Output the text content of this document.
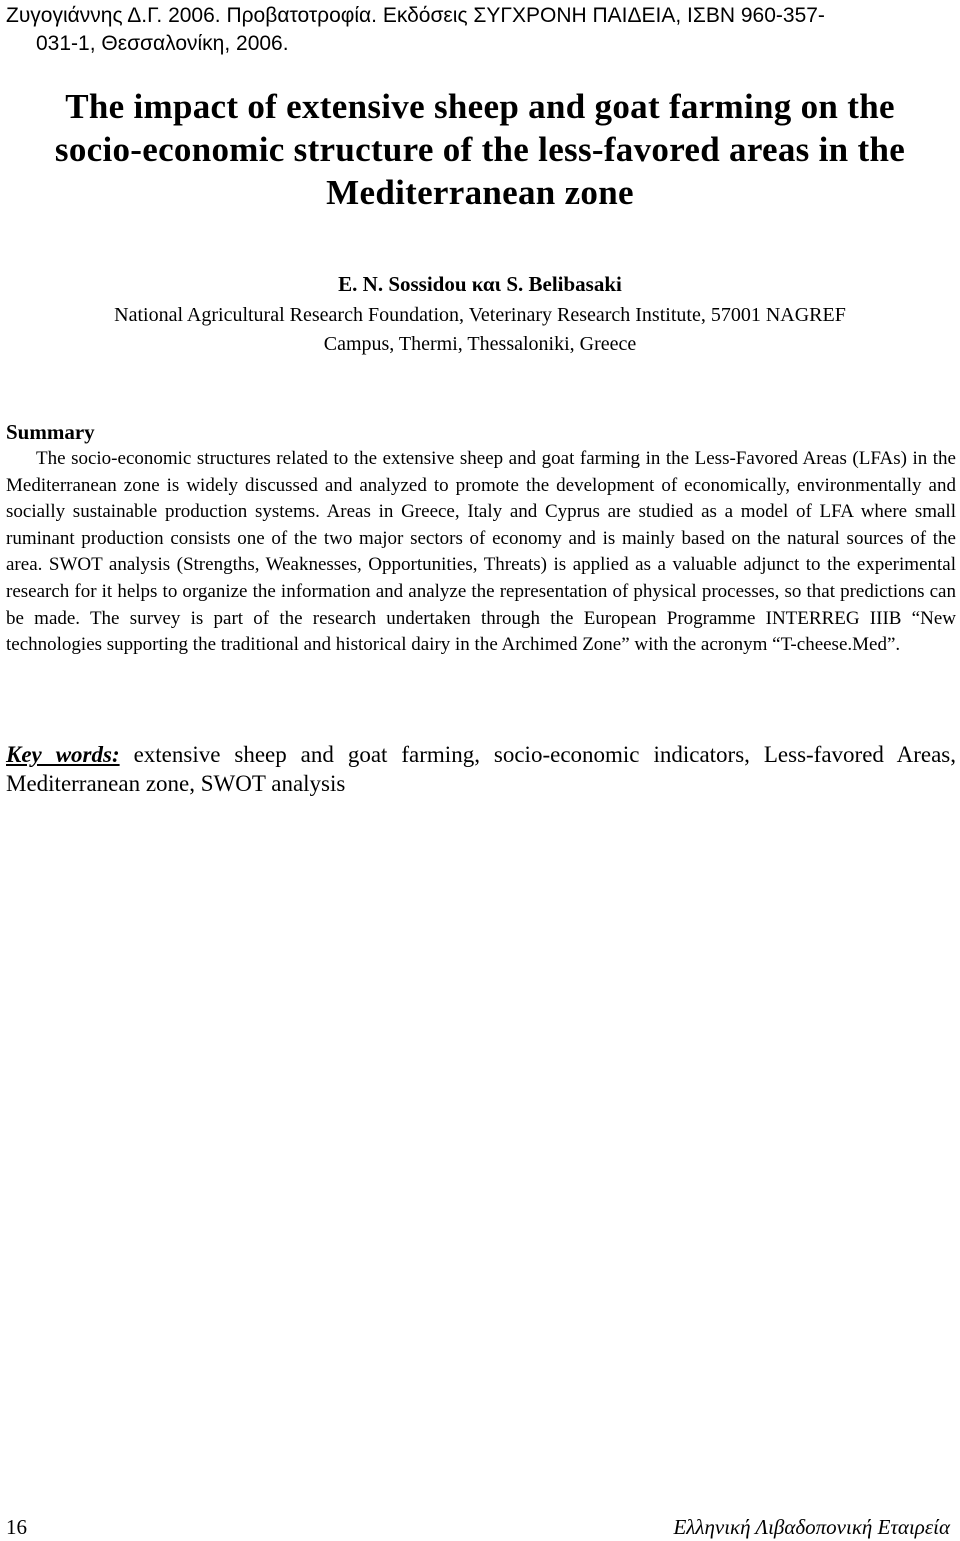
Ζυγογιάννης Δ.Γ. 2006. Προβατοτροφία. Εκδόσεις ΣΥΓΧΡΟΝΗ ΠΑΙΔΕΙΑ, ΙΣΒΝ 960-357-
031-1, Θεσσαλονίκη, 2006.
The impact of extensive sheep and goat farming on the
socio-economic structure of the less-favored areas in the
Mediterranean zone
E. N. Sossidou και S. Belibasaki
National Agricultural Research Foundation, Veterinary Research Institute, 57001 NAGREF
Campus, Thermi, Thessaloniki, Greece
Summary

The socio-economic structures related to the extensive sheep and goat farming in the Less-Favored Areas (LFAs) in the Mediterranean zone is widely discussed and analyzed to promote the development of economically, environmentally and socially sustainable production systems. Areas in Greece, Italy and Cyprus are studied as a model of LFA where small ruminant production consists one of the two major sectors of economy and is mainly based on the natural sources of the area. SWOT analysis (Strengths, Weaknesses, Opportunities, Threats) is applied as a valuable adjunct to the experimental research for it helps to organize the information and analyze the representation of physical processes, so that predictions can be made. The survey is part of the research undertaken through the European Programme INTERREG IIIB “New technologies supporting the traditional and historical dairy in the Archimed Zone” with the acronym “T-cheese.Med”.

Key words: extensive sheep and goat farming, socio-economic indicators, Less-favored Areas, Mediterranean zone, SWOT analysis

16	Ελληνική Λιβαδοπονική Εταιρεία
